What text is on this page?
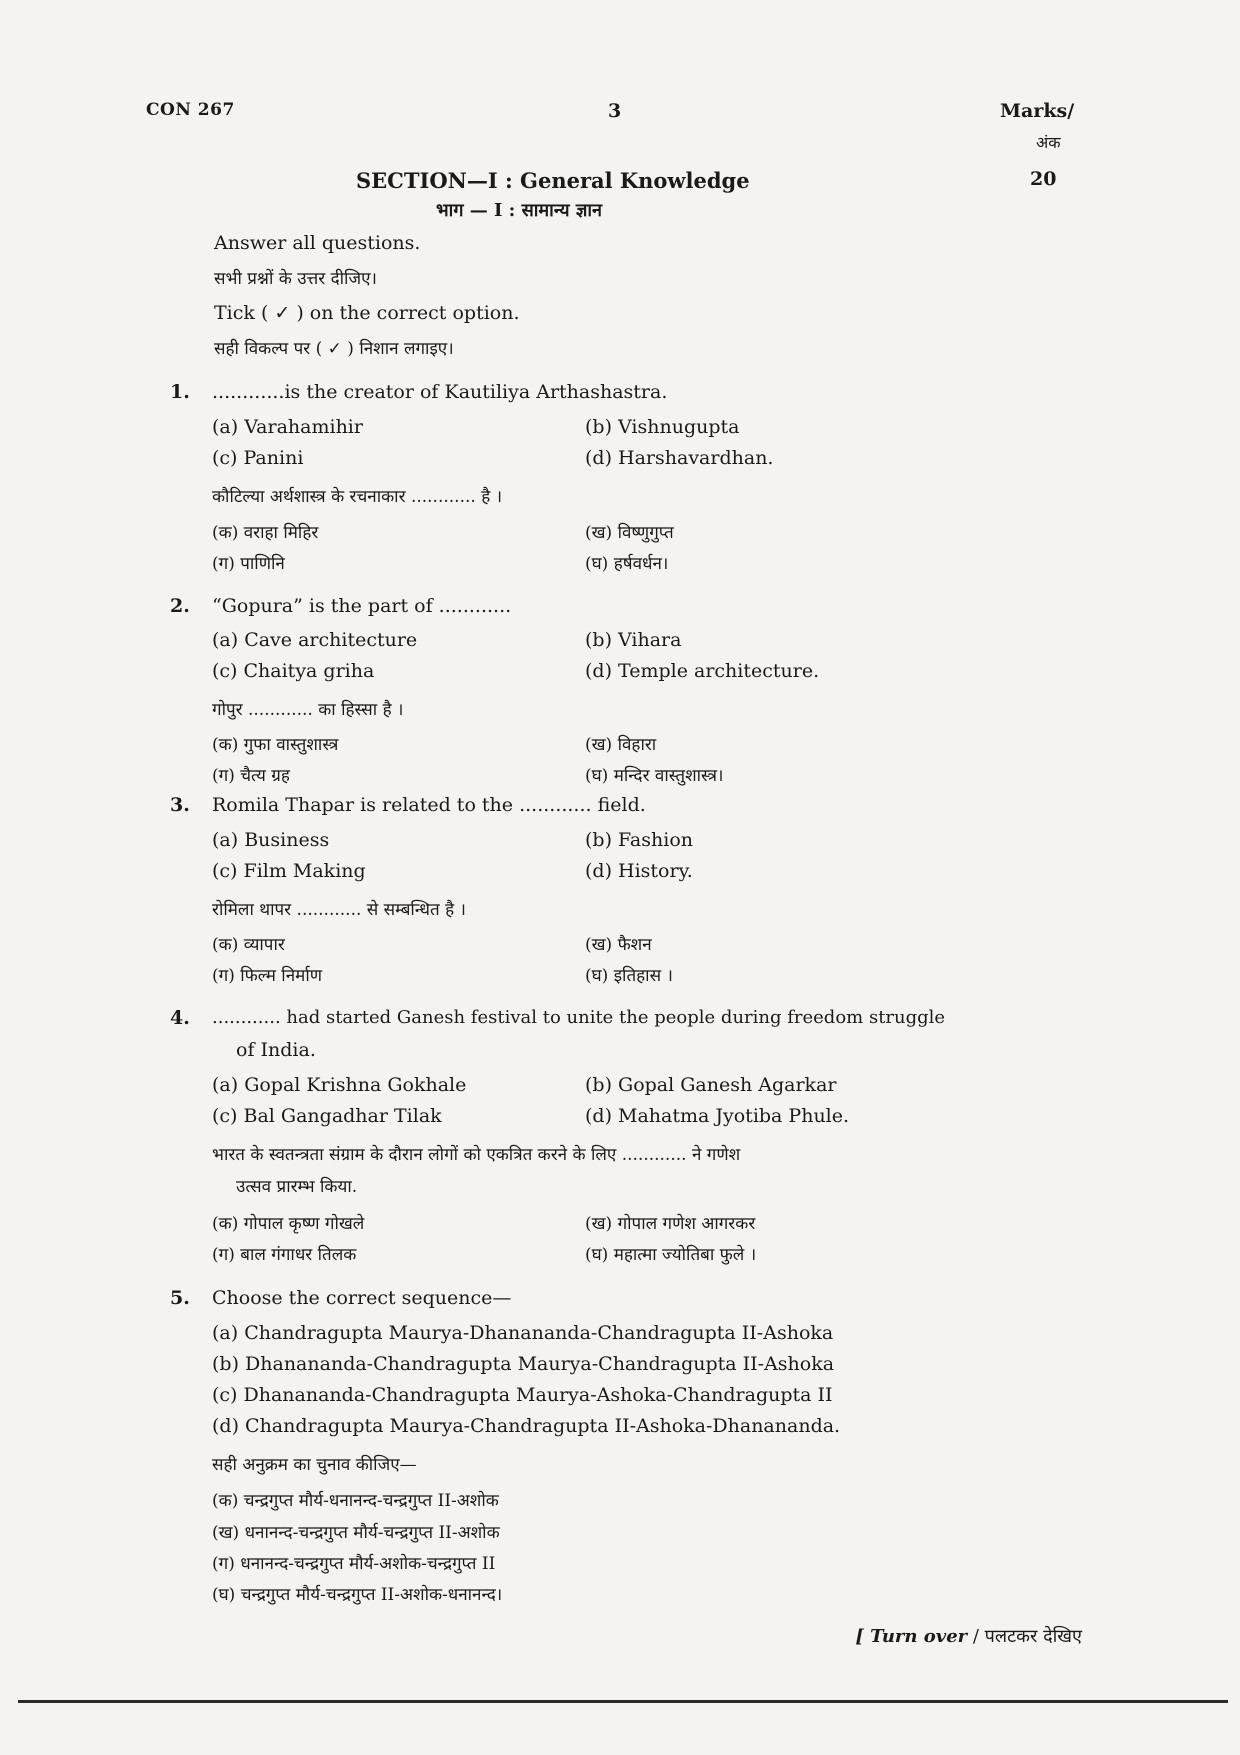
CON 267	3	Marks/
अंक
20
SECTION—I : General Knowledge
भाग — I : सामान्य ज्ञान
Answer all questions.
सभी प्रश्नों के उत्तर दीजिए।
Tick ( ✓ ) on the correct option.
सही विकल्प पर ( ✓ ) निशान लगाइए।
1. ............is the creator of Kautiliya Arthashastra.
(a) Varahamihir	(b) Vishnugupta
(c) Panini	(d) Harshavardhan.
कौटिल्या अर्थशास्त्र के रचनाकार ............ है ।
(क) वराहा मिहिर	(ख) विष्णुगुप्त
(ग) पाणिनि	(घ) हर्षवर्धन।
2. “Gopura” is the part of ............
(a) Cave architecture	(b) Vihara
(c) Chaitya griha	(d) Temple architecture.
गोपुर ............ का हिस्सा है ।
(क) गुफा वास्तुशास्त्र	(ख) विहारा
(ग) चैत्य ग्रह	(घ) मन्दिर वास्तुशास्त्र।
3. Romila Thapar is related to the ............ field.
(a) Business	(b) Fashion
(c) Film Making	(d) History.
रोमिला थापर ............ से सम्बन्धित है ।
(क) व्यापार	(ख) फैशन
(ग) फिल्म निर्माण	(घ) इतिहास ।
4. ............ had started Ganesh festival to unite the people during freedom struggle
of India.
(a) Gopal Krishna Gokhale	(b) Gopal Ganesh Agarkar
(c) Bal Gangadhar Tilak	(d) Mahatma Jyotiba Phule.
भारत के स्वतन्त्रता संग्राम के दौरान लोगों को एकत्रित करने के लिए ............ ने गणेश
उत्सव प्रारम्भ किया.
(क) गोपाल कृष्ण गोखले	(ख) गोपाल गणेश आगरकर
(ग) बाल गंगाधर तिलक	(घ) महात्मा ज्योतिबा फुले ।
5. Choose the correct sequence—
(a) Chandragupta Maurya-Dhanananda-Chandragupta II-Ashoka
(b) Dhanananda-Chandragupta Maurya-Chandragupta II-Ashoka
(c) Dhanananda-Chandragupta Maurya-Ashoka-Chandragupta II
(d) Chandragupta Maurya-Chandragupta II-Ashoka-Dhanananda.
सही अनुक्रम का चुनाव कीजिए—
(क) चन्द्रगुप्त मौर्य-धनानन्द-चन्द्रगुप्त II-अशोक
(ख) धनानन्द-चन्द्रगुप्त मौर्य-चन्द्रगुप्त II-अशोक
(ग) धनानन्द-चन्द्रगुप्त मौर्य-अशोक-चन्द्रगुप्त II
(घ) चन्द्रगुप्त मौर्य-चन्द्रगुप्त II-अशोक-धनानन्द।
[ Turn over / पलटकर देखिए
